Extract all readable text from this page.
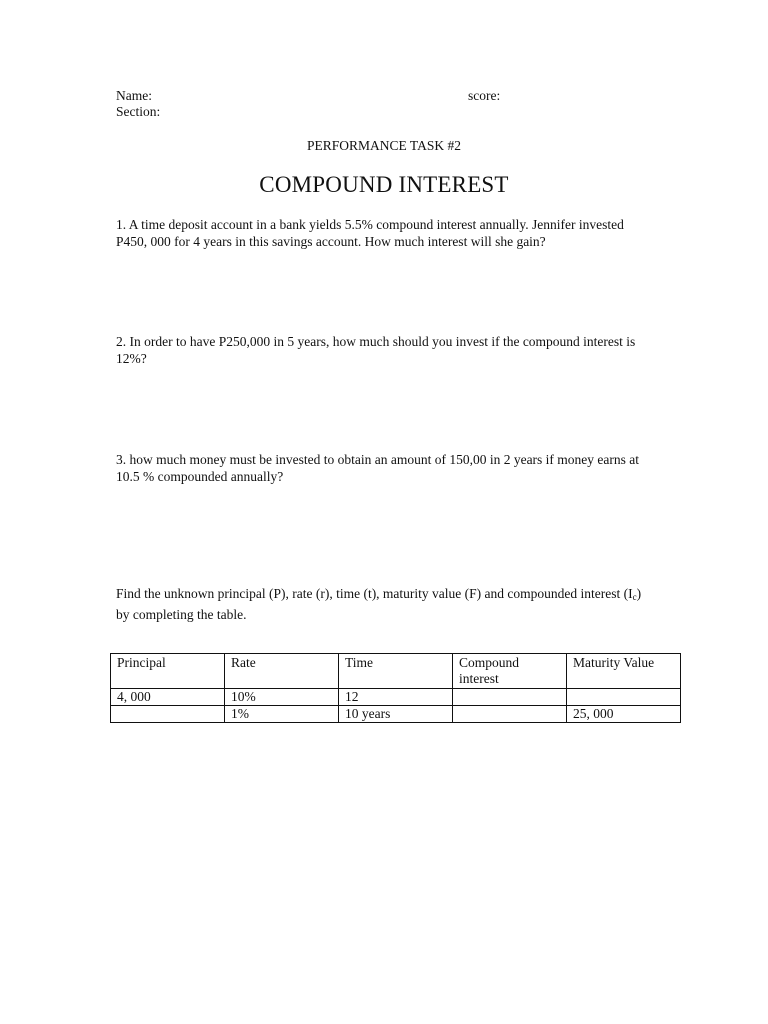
Name:	score:
Section:
PERFORMANCE TASK #2
COMPOUND INTEREST
1. A time deposit account in a bank yields 5.5% compound interest annually. Jennifer invested P450, 000 for 4 years in this savings account. How much interest will she gain?
2. In order to have P250,000 in 5 years, how much should you invest if the compound interest is 12%?
3. how much money must be invested to obtain an amount of 150,00 in 2 years if money earns at 10.5 % compounded annually?
Find the unknown principal (P), rate (r), time (t), maturity value (F) and compounded interest $(I_c)$ by completing the table.
Principal	Rate	Time	Compound interest	Maturity Value
4, 000	10%	12		
	1%	10 years		25, 000
